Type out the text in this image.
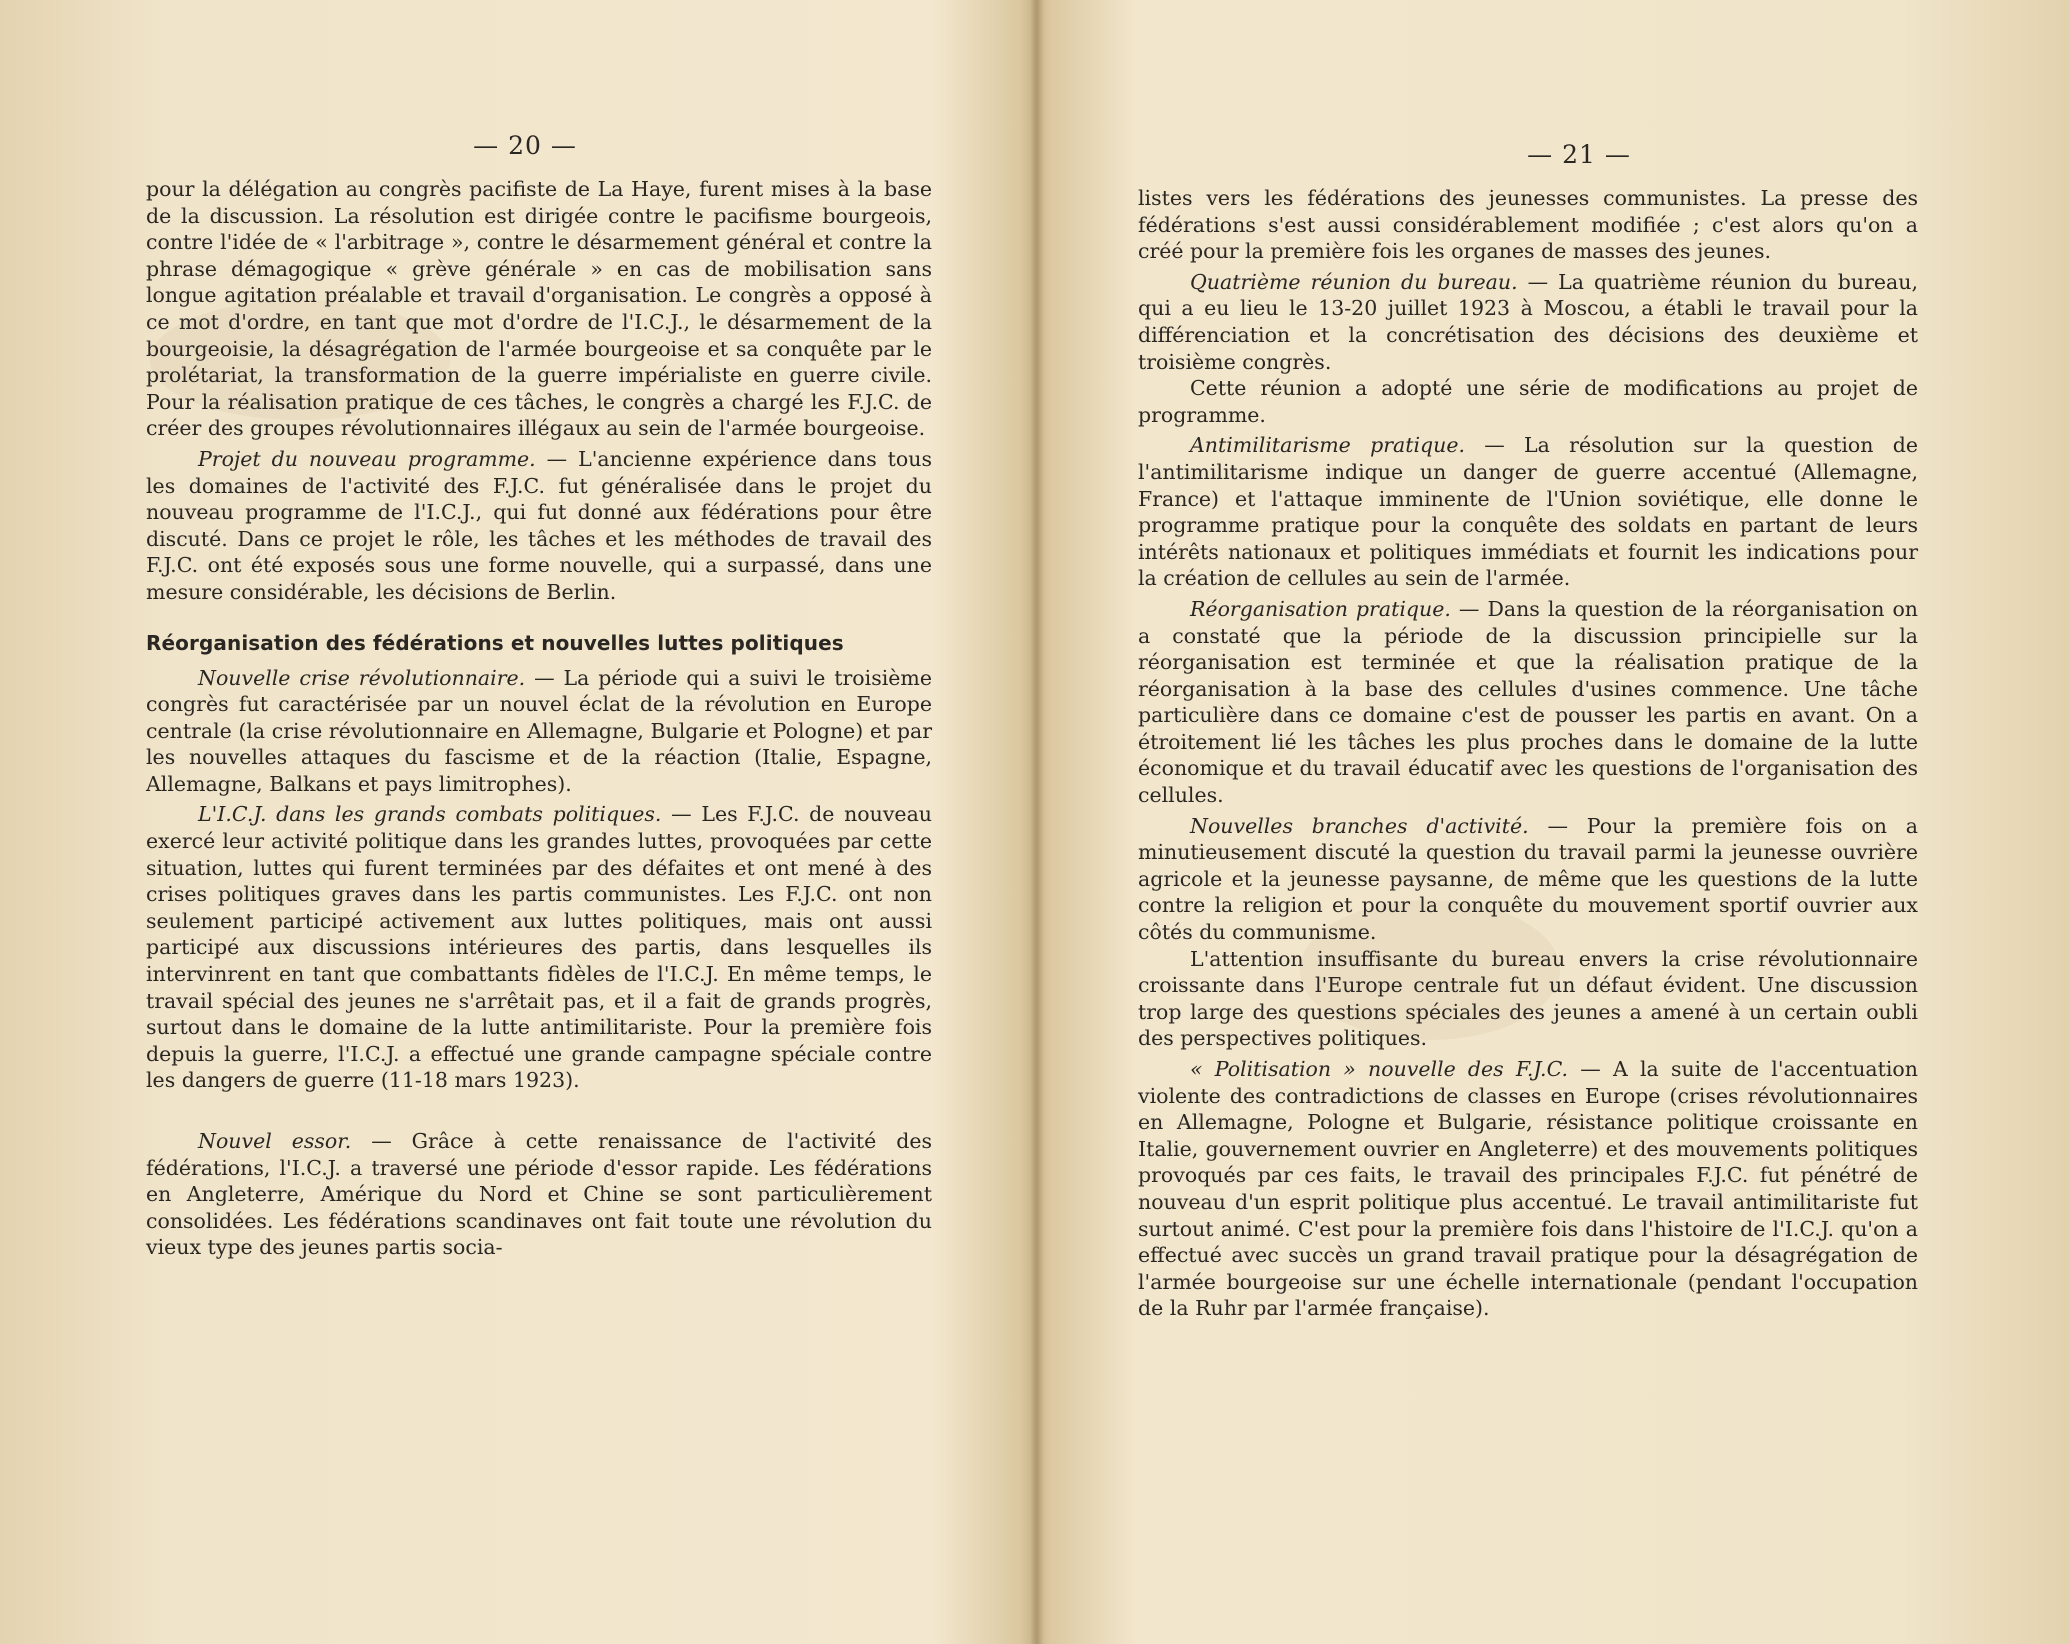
— 20 —

pour la délégation au congrès pacifiste de La Haye, furent mises à la base de la discussion. La résolution est dirigée contre le pacifisme bourgeois, contre l'idée de « l'arbitrage », contre le désarmement général et contre la phrase démagogique « grève générale » en cas de mobilisation sans longue agitation préalable et travail d'organisation. Le congrès a opposé à ce mot d'ordre, en tant que mot d'ordre de l'I.C.J., le désarmement de la bourgeoisie, la désagrégation de l'armée bourgeoise et sa conquête par le prolétariat, la transformation de la guerre impérialiste en guerre civile. Pour la réalisation pratique de ces tâches, le congrès a chargé les F.J.C. de créer des groupes révolutionnaires illégaux au sein de l'armée bourgeoise.

Projet du nouveau programme. — L'ancienne expérience dans tous les domaines de l'activité des F.J.C. fut généralisée dans le projet du nouveau programme de l'I.C.J., qui fut donné aux fédérations pour être discuté. Dans ce projet le rôle, les tâches et les méthodes de travail des F.J.C. ont été exposés sous une forme nouvelle, qui a surpassé, dans une mesure considérable, les décisions de Berlin.

Réorganisation des fédérations et nouvelles luttes politiques

Nouvelle crise révolutionnaire. — La période qui a suivi le troisième congrès fut caractérisée par un nouvel éclat de la révolution en Europe centrale (la crise révolutionnaire en Allemagne, Bulgarie et Pologne) et par les nouvelles attaques du fascisme et de la réaction (Italie, Espagne, Allemagne, Balkans et pays limitrophes).

L'I.C.J. dans les grands combats politiques. — Les F.J.C. de nouveau exercé leur activité politique dans les grandes luttes, provoquées par cette situation, luttes qui furent terminées par des défaites et ont mené à des crises politiques graves dans les partis communistes. Les F.J.C. ont non seulement participé activement aux luttes politiques, mais ont aussi participé aux discussions intérieures des partis, dans lesquelles ils intervinrent en tant que combattants fidèles de l'I.C.J. En même temps, le travail spécial des jeunes ne s'arrêtait pas, et il a fait de grands progrès, surtout dans le domaine de la lutte antimilitariste. Pour la première fois depuis la guerre, l'I.C.J. a effectué une grande campagne spéciale contre les dangers de guerre (11-18 mars 1923).

Nouvel essor. — Grâce à cette renaissance de l'activité des fédérations, l'I.C.J. a traversé une période d'essor rapide. Les fédérations en Angleterre, Amérique du Nord et Chine se sont particulièrement consolidées. Les fédérations scandinaves ont fait toute une révolution du vieux type des jeunes partis socia-

— 21 —

listes vers les fédérations des jeunesses communistes. La presse des fédérations s'est aussi considérablement modifiée ; c'est alors qu'on a créé pour la première fois les organes de masses des jeunes.

Quatrième réunion du bureau. — La quatrième réunion du bureau, qui a eu lieu le 13-20 juillet 1923 à Moscou, a établi le travail pour la différenciation et la concrétisation des décisions des deuxième et troisième congrès.

Cette réunion a adopté une série de modifications au projet de programme.

Antimilitarisme pratique. — La résolution sur la question de l'antimilitarisme indique un danger de guerre accentué (Allemagne, France) et l'attaque imminente de l'Union soviétique, elle donne le programme pratique pour la conquête des soldats en partant de leurs intérêts nationaux et politiques immédiats et fournit les indications pour la création de cellules au sein de l'armée.

Réorganisation pratique. — Dans la question de la réorganisation on a constaté que la période de la discussion principielle sur la réorganisation est terminée et que la réalisation pratique de la réorganisation à la base des cellules d'usines commence. Une tâche particulière dans ce domaine c'est de pousser les partis en avant. On a étroitement lié les tâches les plus proches dans le domaine de la lutte économique et du travail éducatif avec les questions de l'organisation des cellules.

Nouvelles branches d'activité. — Pour la première fois on a minutieusement discuté la question du travail parmi la jeunesse ouvrière agricole et la jeunesse paysanne, de même que les questions de la lutte contre la religion et pour la conquête du mouvement sportif ouvrier aux côtés du communisme.

L'attention insuffisante du bureau envers la crise révolutionnaire croissante dans l'Europe centrale fut un défaut évident. Une discussion trop large des questions spéciales des jeunes a amené à un certain oubli des perspectives politiques.

« Politisation » nouvelle des F.J.C. — A la suite de l'accentuation violente des contradictions de classes en Europe (crises révolutionnaires en Allemagne, Pologne et Bulgarie, résistance politique croissante en Italie, gouvernement ouvrier en Angleterre) et des mouvements politiques provoqués par ces faits, le travail des principales F.J.C. fut pénétré de nouveau d'un esprit politique plus accentué. Le travail antimilitariste fut surtout animé. C'est pour la première fois dans l'histoire de l'I.C.J. qu'on a effectué avec succès un grand travail pratique pour la désagrégation de l'armée bourgeoise sur une échelle internationale (pendant l'occupation de la Ruhr par l'armée française).
